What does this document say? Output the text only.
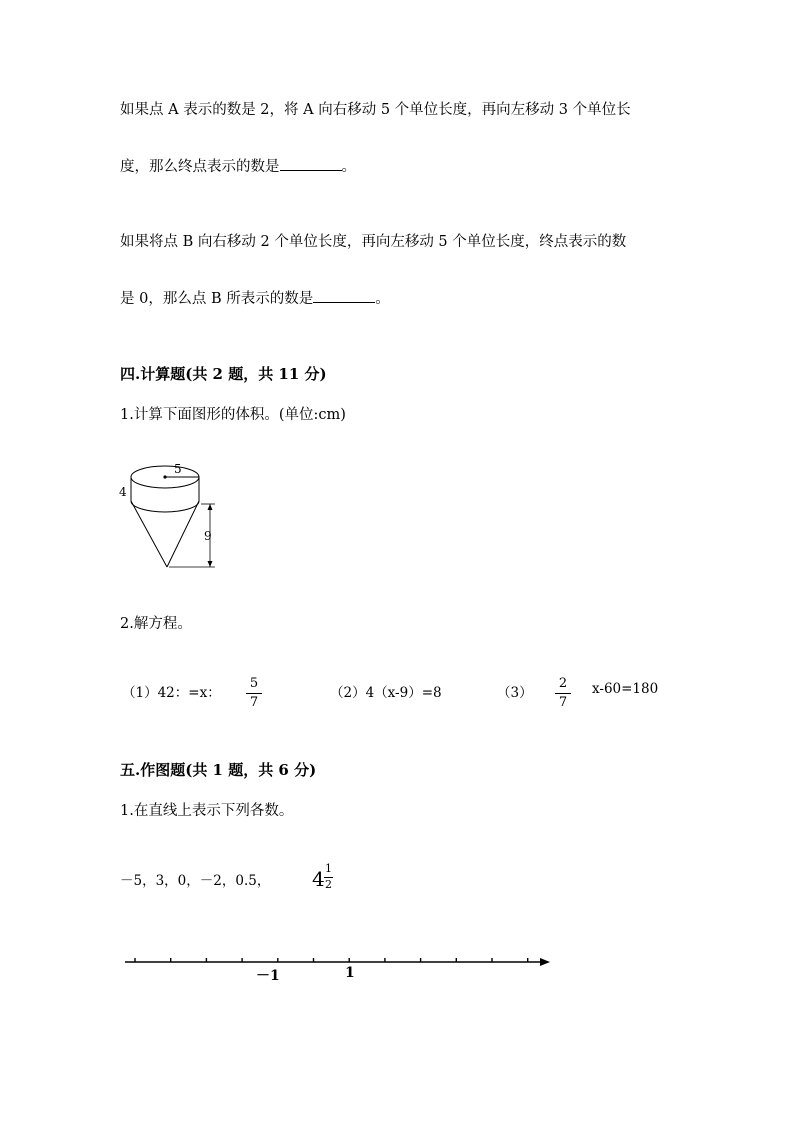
如果点 A 表示的数是 2，将 A 向右移动 5 个单位长度，再向左移动 3 个单位长
度，那么终点表示的数是	。
如果将点 B 向右移动 2 个单位长度，再向左移动 5 个单位长度，终点表示的数
是 0，那么点 B 所表示的数是	。
四.计算题(共 2 题，共 11 分)
1.计算下面图形的体积。(单位:cm)
5
4
9
2.解方程。
（1）42：=x：
5
7
（2）4（x-9）=8	（3）
2
7
x-60=180
五.作图题(共 1 题，共 6 分)
1.在直线上表示下列各数。
－5，3，0，－2，0.5， 4 1
2
－1	1
